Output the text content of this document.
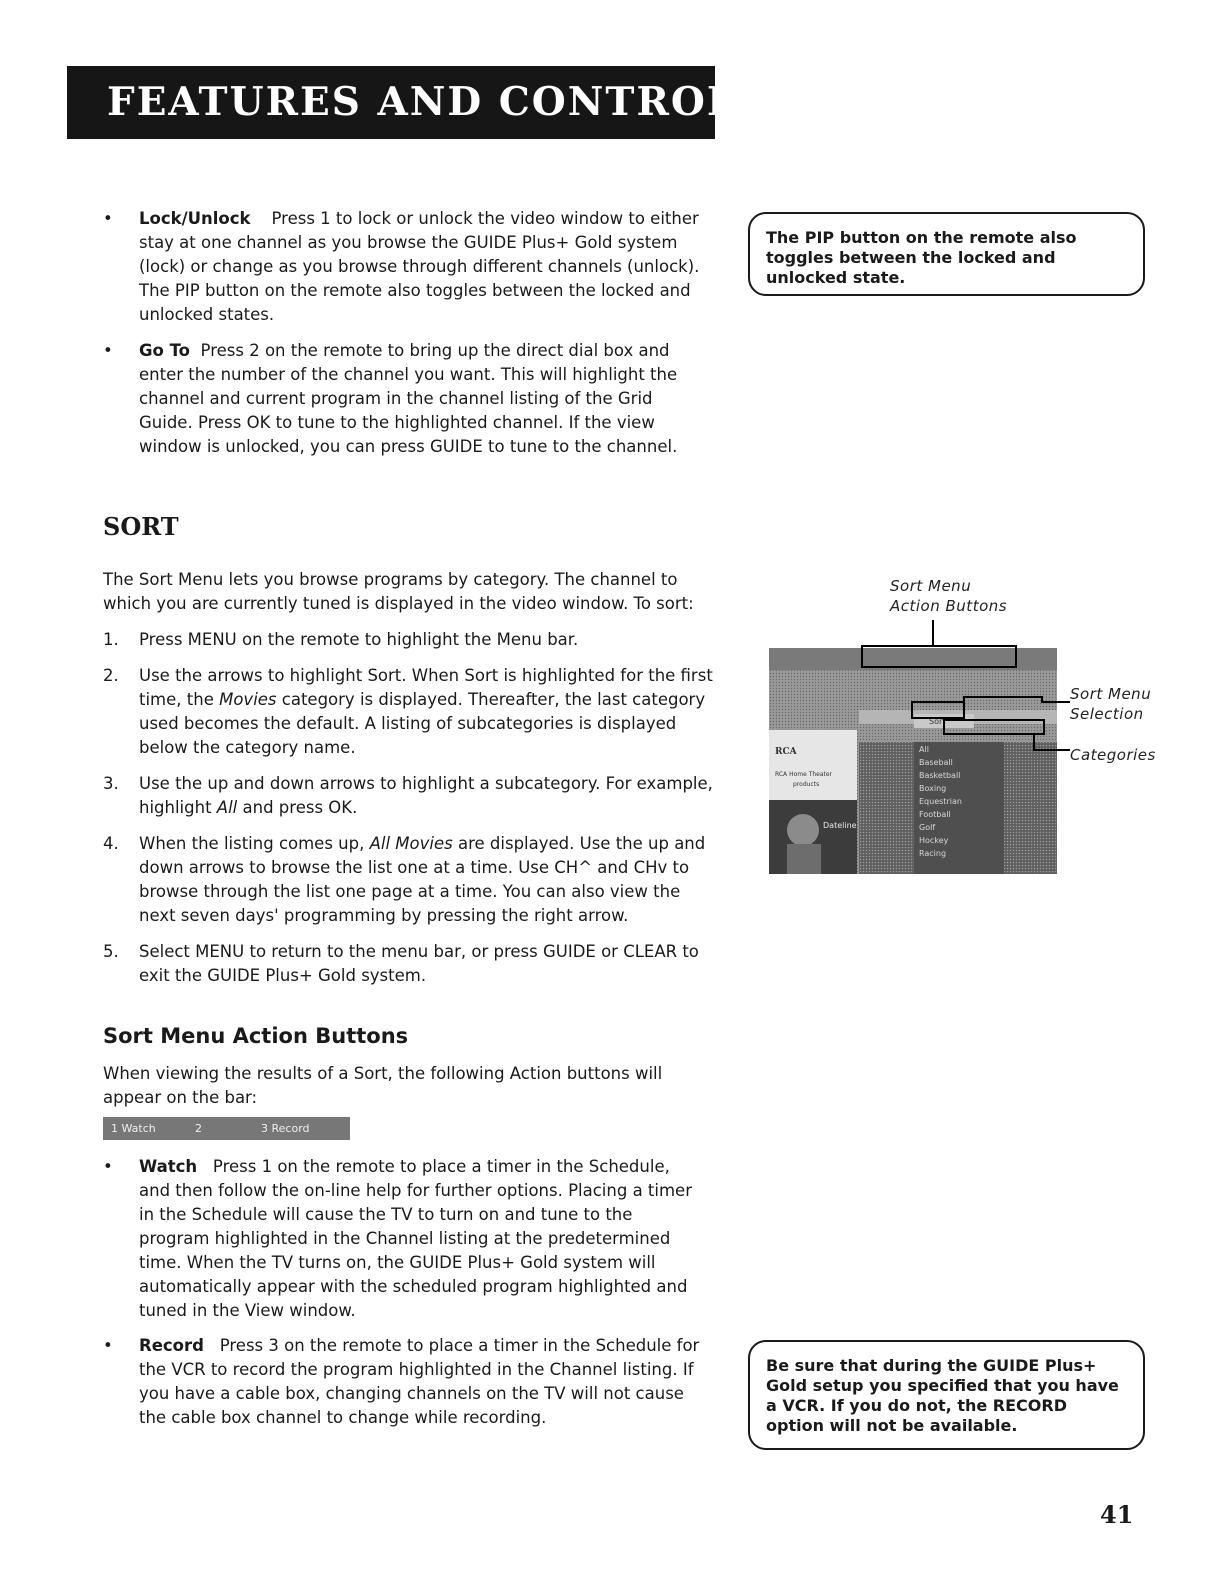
FEATURES AND CONTROLS
• Lock/Unlock Press 1 to lock or unlock the video window to either stay at one channel as you browse the GUIDE Plus+ Gold system (lock) or change as you browse through different channels (unlock). The PIP button on the remote also toggles between the locked and unlocked states.
• Go To Press 2 on the remote to bring up the direct dial box and enter the number of the channel you want. This will highlight the channel and current program in the channel listing of the Grid Guide. Press OK to tune to the highlighted channel. If the view window is unlocked, you can press GUIDE to tune to the channel.
The PIP button on the remote also toggles between the locked and unlocked state.
SORT
The Sort Menu lets you browse programs by category. The channel to which you are currently tuned is displayed in the video window. To sort:
1. Press MENU on the remote to highlight the Menu bar.
2. Use the arrows to highlight Sort. When Sort is highlighted for the first time, the Movies category is displayed. Thereafter, the last category used becomes the default. A listing of subcategories is displayed below the category name.
3. Use the up and down arrows to highlight a subcategory. For example, highlight All and press OK.
4. When the listing comes up, All Movies are displayed. Use the up and down arrows to browse the list one at a time. Use CH^ and CHv to browse through the list one page at a time. You can also view the next seven days' programming by pressing the right arrow.
5. Select MENU to return to the menu bar, or press GUIDE or CLEAR to exit the GUIDE Plus+ Gold system.
Sort Menu
Action Buttons
Sort Menu
Selection
Categories
Dateline
RCA
RCA Home Theater
products
Sort
All
Baseball
Basketball
Boxing
Equestrian
Football
Golf
Hockey
Racing
Sort Menu Action Buttons
When viewing the results of a Sort, the following Action buttons will appear on the bar:
1 Watch	2	3 Record
• Watch Press 1 on the remote to place a timer in the Schedule, and then follow the on-line help for further options. Placing a timer in the Schedule will cause the TV to turn on and tune to the program highlighted in the Channel listing at the predetermined time. When the TV turns on, the GUIDE Plus+ Gold system will automatically appear with the scheduled program highlighted and tuned in the View window.
• Record Press 3 on the remote to place a timer in the Schedule for the VCR to record the program highlighted in the Channel listing. If you have a cable box, changing channels on the TV will not cause the cable box channel to change while recording.
Be sure that during the GUIDE Plus+ Gold setup you specified that you have a VCR. If you do not, the RECORD option will not be available.
41
